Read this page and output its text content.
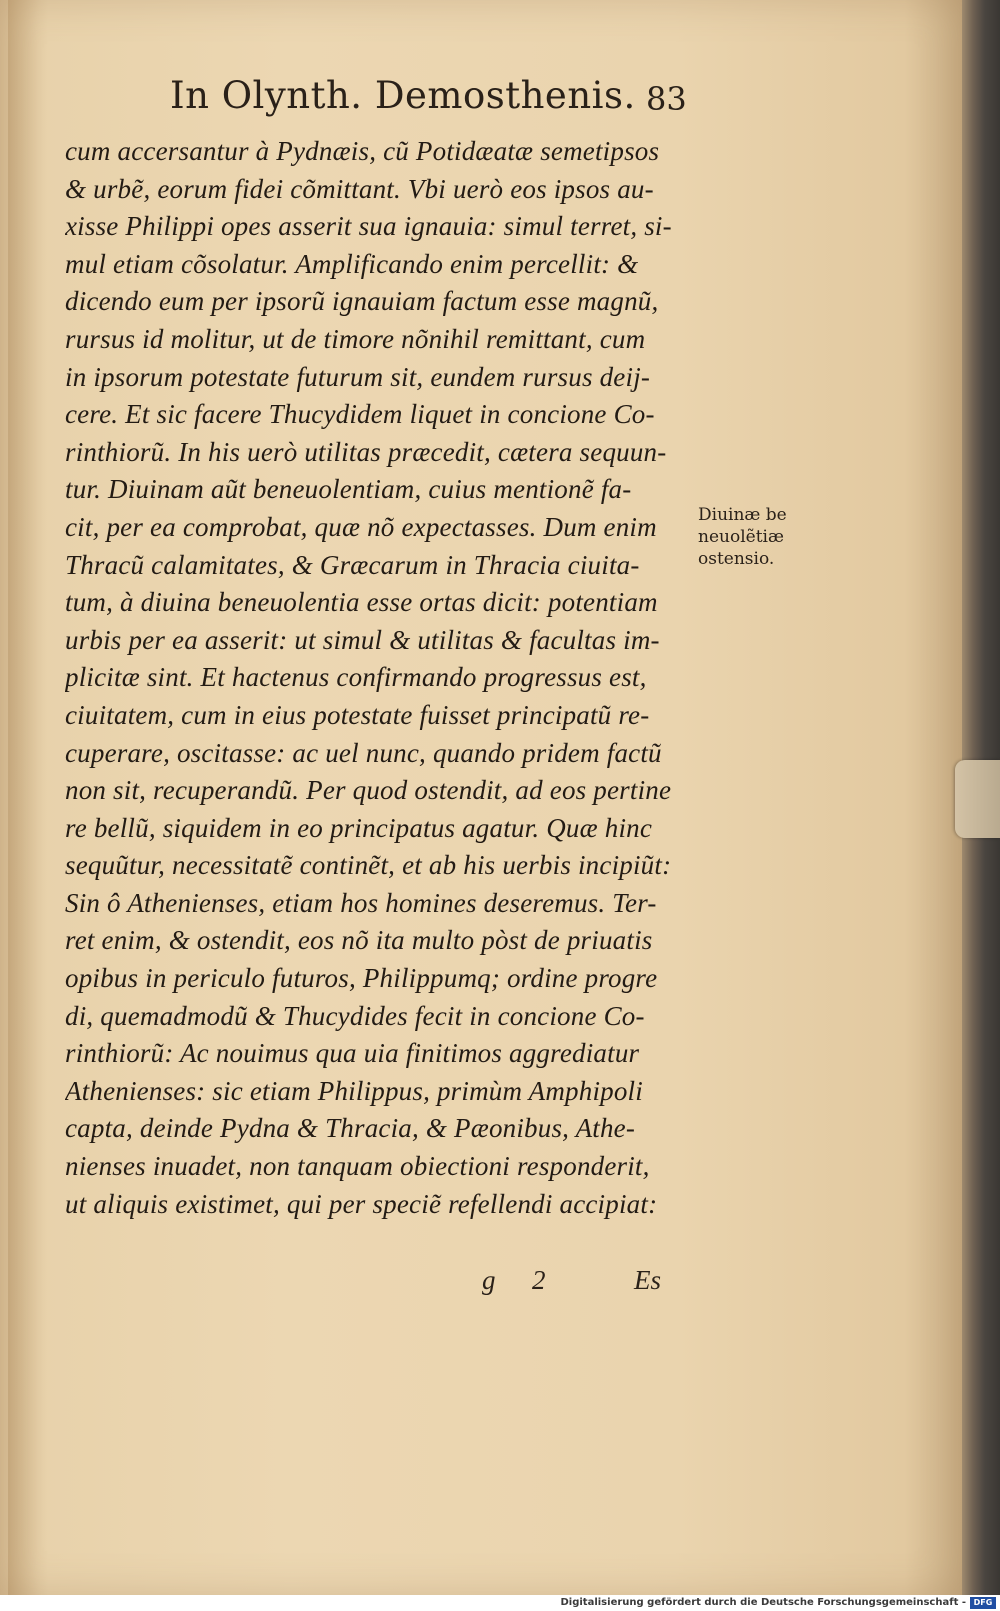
In Olynth. Demosthenis. 83
cum accersantur à Pydnæis, cũ Potidæatæ semetipsos
& urbẽ, eorum fidei cõmittant. Vbi uerò eos ipsos au-
xisse Philippi opes asserit sua ignauia: simul terret, si-
mul etiam cõsolatur. Amplificando enim percellit: &
dicendo eum per ipsorũ ignauiam factum esse magnũ,
rursus id molitur, ut de timore nõnihil remittant, cum
in ipsorum potestate futurum sit, eundem rursus deij-
cere. Et sic facere Thucydidem liquet in concione Co-
rinthiorũ. In his uerò utilitas præcedit, cætera sequun-
tur. Diuinam aũt beneuolentiam, cuius mentionẽ fa-
cit, per ea comprobat, quæ nõ expectasses. Dum enim
Thracũ calamitates, & Græcarum in Thracia ciuita-
tum, à diuina beneuolentia esse ortas dicit: potentiam
urbis per ea asserit: ut simul & utilitas & facultas im-
plicitæ sint. Et hactenus confirmando progressus est,
ciuitatem, cum in eius potestate fuisset principatũ re-
cuperare, oscitasse: ac uel nunc, quando pridem factũ
non sit, recuperandũ. Per quod ostendit, ad eos pertine
re bellũ, siquidem in eo principatus agatur. Quæ hinc
sequũtur, necessitatẽ continẽt, et ab his uerbis incipiũt:
Sin ô Athenienses, etiam hos homines deseremus. Ter-
ret enim, & ostendit, eos nõ ita multo pòst de priuatis
opibus in periculo futuros, Philippumq; ordine progre
di, quemadmodũ & Thucydides fecit in concione Co-
rinthiorũ: Ac nouimus qua uia finitimos aggrediatur
Athenienses: sic etiam Philippus, primùm Amphipoli
capta, deinde Pydna & Thracia, & Pæonibus, Athe-
nienses inuadet, non tanquam obiectioni responderit,
ut aliquis existimet, qui per speciẽ refellendi accipiat:
Diuinæ be
neuolẽtiæ
ostensio.
g 2	Es
Digitalisierung gefördert durch die Deutsche Forschungsgemeinschaft - DFG
